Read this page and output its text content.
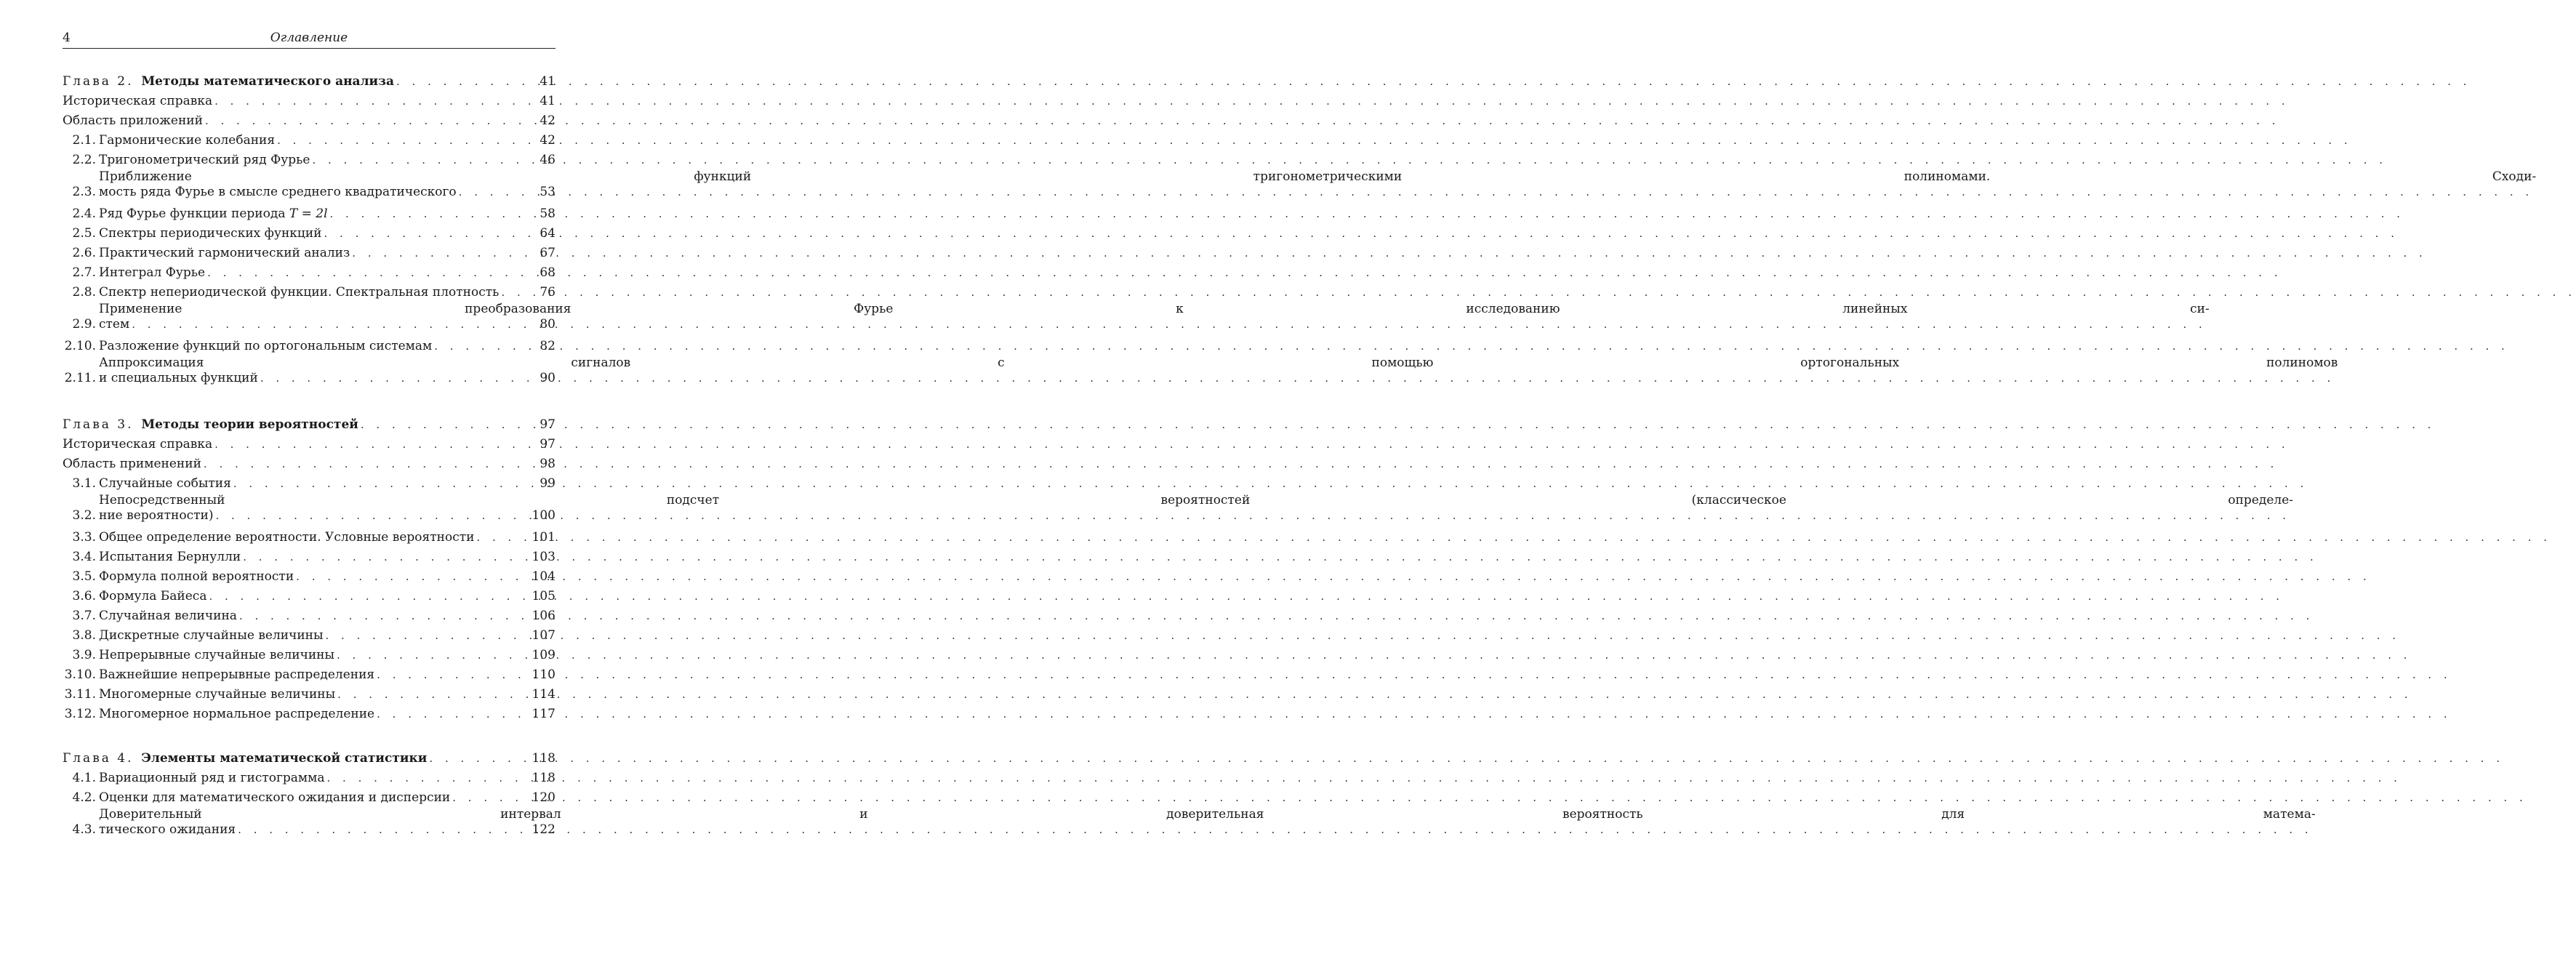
4	Оглавление
Глава 2.
Методы математического анализа . . .	41
Историческая справка . . .	41
Область приложений . . .	42
2.1. Гармонические колебания . . .	42
2.2. Тригонометрический ряд Фурье . . .	46
2.3.
Приближение функций тригонометрическими полиномами. Сходи-
мость ряда Фурье в смысле среднего квадратического . . .	53
2.4. Ряд Фурье функции периода
T = 2l . . .	58
2.5. Спектры периодических функций . . .	64
2.6. Практический гармонический анализ . . .	67
2.7. Интеграл Фурье . . .	68
2.8. Спектр непериодической функции. Спектральная плотность . . .	76
2.9.
Применение преобразования Фурье к исследованию линейных си-
стем . . .	80
2.10. Разложение функций по ортогональным системам . . .	82
2.11.
Аппроксимация сигналов с помощью ортогональных полиномов
и специальных функций . . .	90
Глава 3.
Методы теории вероятностей . . .	97
Историческая справка . . .	97
Область применений . . .	98
3.1. Случайные события . . .	99
3.2.
Непосредственный подсчет вероятностей (классическое определе-
ние вероятности) . . .	100
3.3. Общее определение вероятности. Условные вероятности . . .	101
3.4. Испытания Бернулли . . .	103
3.5. Формула полной вероятности . . .	104
3.6. Формула Байеса . . .	105
3.7. Случайная величина . . .	106
3.8. Дискретные случайные величины . . .	107
3.9. Непрерывные случайные величины . . .	109
3.10. Важнейшие непрерывные распределения . . .	110
3.11. Многомерные случайные величины . . .	114
3.12. Многомерное нормальное распределение . . .	117
Глава 4.
Элементы математической статистики . . .	118
4.1. Вариационный ряд и гистограмма . . .	118
4.2. Оценки для математического ожидания и дисперсии . . .	120
4.3.
Доверительный интервал и доверительная вероятность для матема-
тического ожидания . . .	122
